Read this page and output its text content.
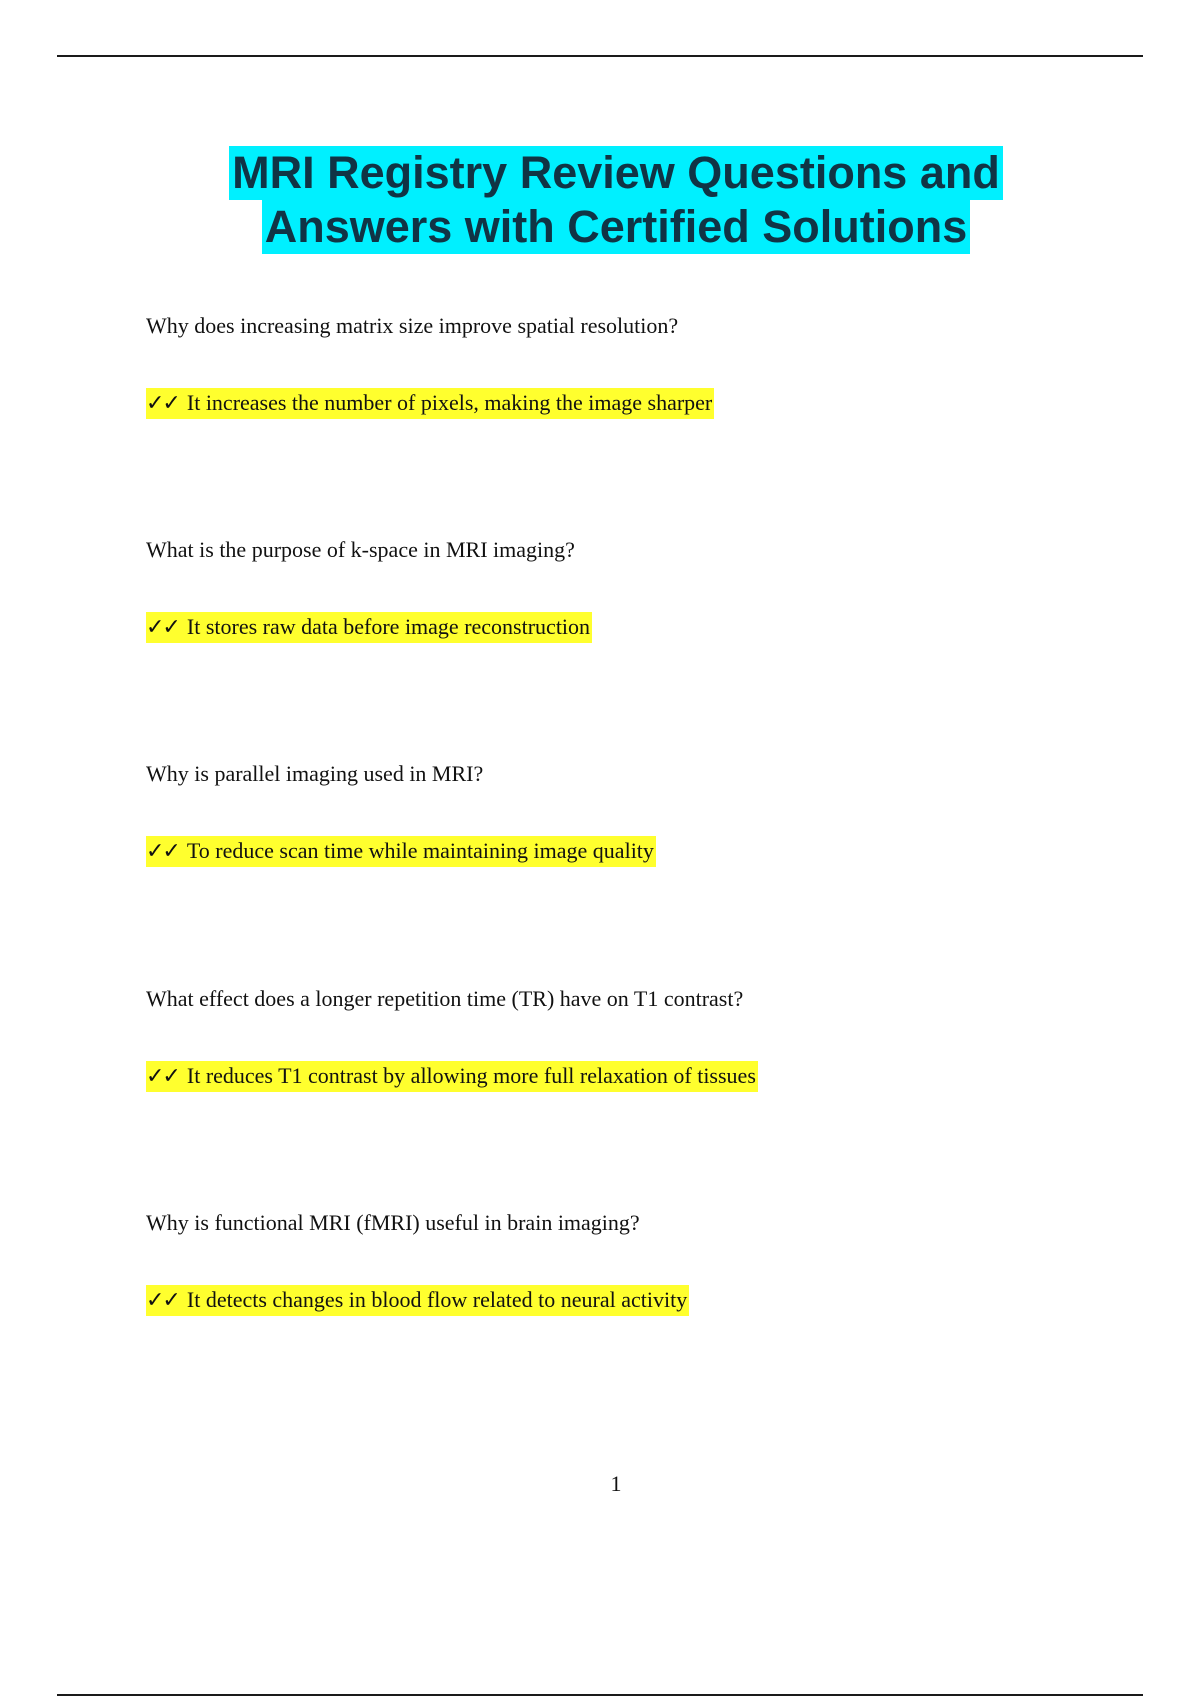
MRI Registry Review Questions and
Answers with Certified Solutions
Why does increasing matrix size improve spatial resolution?
✓✓ It increases the number of pixels, making the image sharper
What is the purpose of k-space in MRI imaging?
✓✓ It stores raw data before image reconstruction
Why is parallel imaging used in MRI?
✓✓ To reduce scan time while maintaining image quality
What effect does a longer repetition time (TR) have on T1 contrast?
✓✓ It reduces T1 contrast by allowing more full relaxation of tissues
Why is functional MRI (fMRI) useful in brain imaging?
✓✓ It detects changes in blood flow related to neural activity
1
